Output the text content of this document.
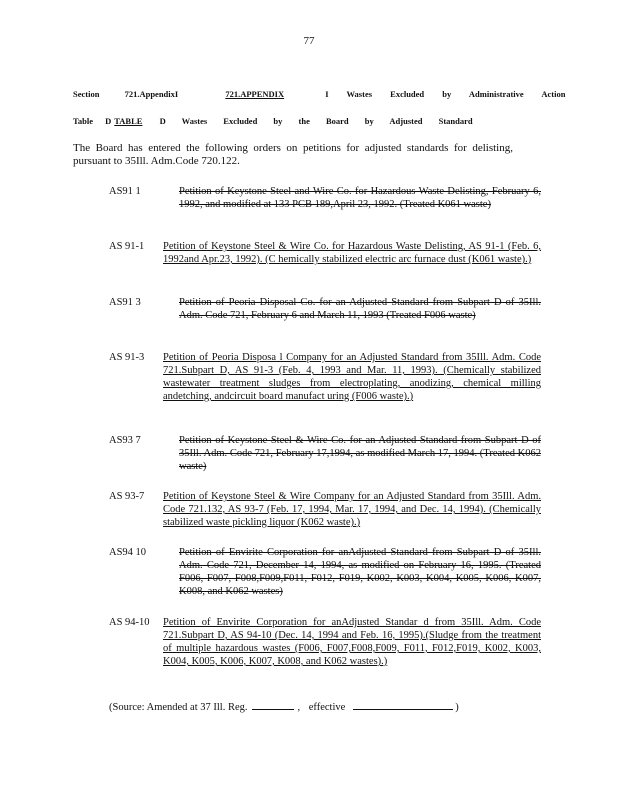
77
Section	721.AppendixI	721.APPENDIX	I Wastes Excluded by Administrative Action
Table D TABLE D Wastes Excluded by the Board by Adjusted Standard
The Board has entered the following orders on petitions for adjusted standards for delisting, pursuant to 35Ill. Adm.Code 720.122.
AS91 1	Petition of Keystone Steel and Wire Co. for Hazardous Waste Delisting, February 6, 1992, and modified at 133 PCB 189,April 23, 1992. (Treated K061 waste)
AS 91-1	Petition of Keystone Steel & Wire Co. for Hazardous Waste Delisting, AS 91-1 (Feb. 6, 1992and Apr.23, 1992). (C hemically stabilized electric arc furnace dust (K061 waste).)
AS91 3	Petition of Peoria Disposal Co. for an Adjusted Standard from Subpart D of 35Ill. Adm. Code 721, February 6 and March 11, 1993 (Treated F006 waste)
AS 91-3	Petition of Peoria Disposa l Company for an Adjusted Standard from 35Ill. Adm. Code 721.Subpart D, AS 91-3 (Feb. 4, 1993 and Mar. 11, 1993). (Chemically stabilized wastewater treatment sludges from electroplating, anodizing, chemical milling andetching, andcircuit board manufact uring (F006 waste).)
AS93 7	Petition of Keystone Steel & Wire Co. for an Adjusted Standard from Subpart D of 35Ill. Adm. Code 721, February 17,1994, as modified March 17, 1994. (Treated K062 waste)
AS 93-7	Petition of Keystone Steel & Wire Company for an Adjusted Standard from 35Ill. Adm. Code 721.132, AS 93-7 (Feb. 17, 1994, Mar. 17, 1994, and Dec. 14, 1994). (Chemically stabilized waste pickling liquor (K062 waste).)
AS94 10	Petition of Envirite Corporation for anAdjusted Standard from Subpart D of 35Ill. Adm. Code 721, December 14, 1994, as modified on February 16, 1995. (Treated F006, F007, F008,F009,F011, F012, F019, K002, K003, K004, K005, K006, K007, K008, and K062 wastes)
AS 94-10	Petition of Envirite Corporation for anAdjusted Standar d from 35Ill. Adm. Code 721.Subpart D, AS 94-10 (Dec. 14, 1994 and Feb. 16, 1995).(Sludge from the treatment of multiple hazardous wastes (F006, F007,F008,F009, F011, F012,F019, K002, K003, K004, K005, K006, K007, K008, and K062 wastes).)
(Source: Amended at 37 Ill. Reg.	, effective	)
